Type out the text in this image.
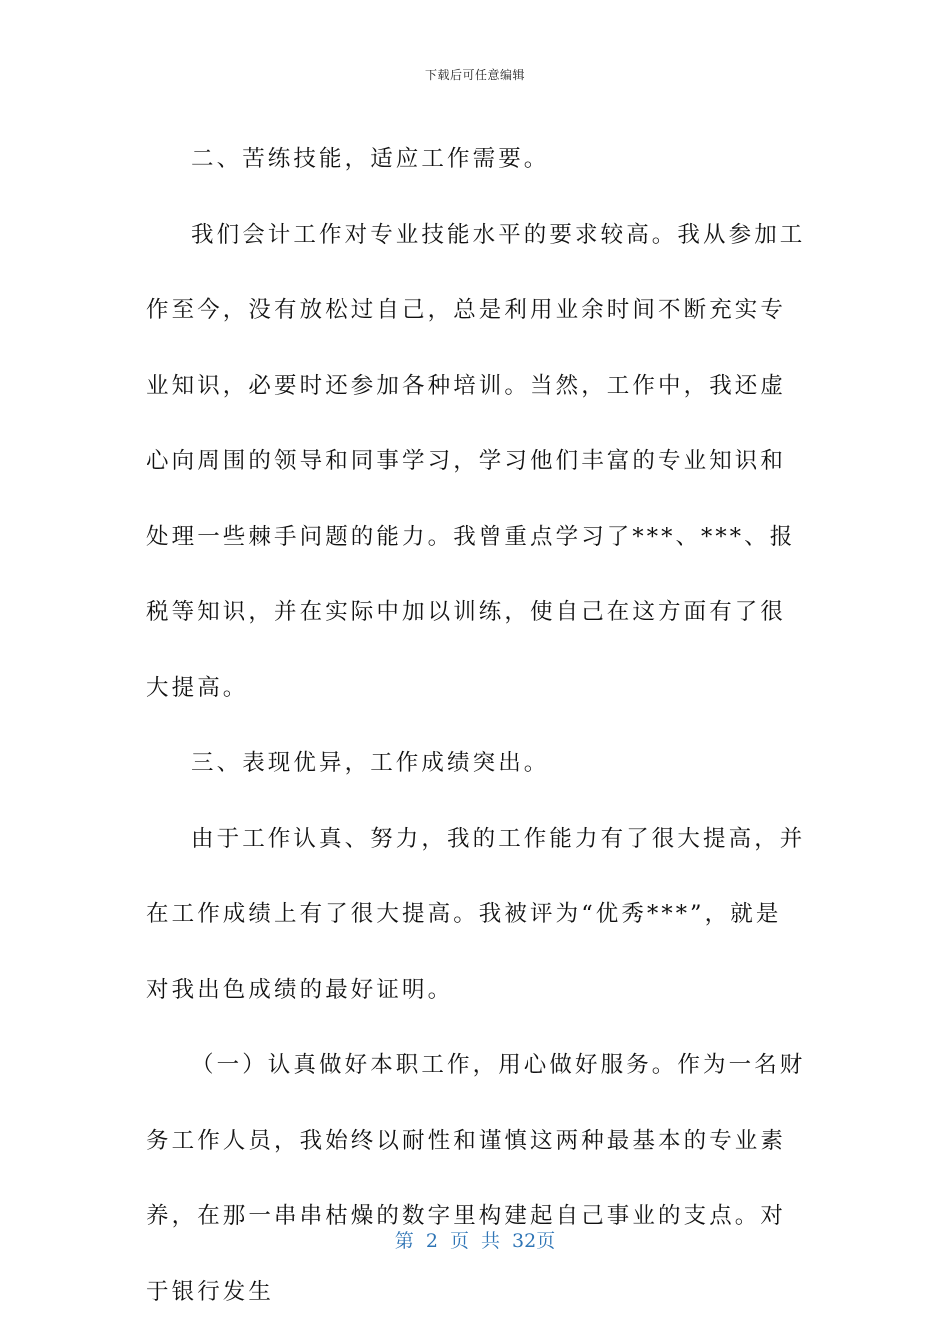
下载后可任意编辑

二、苦练技能，适应工作需要。

我们会计工作对专业技能水平的要求较高。我从参加工作至今，没有放松过自己，总是利用业余时间不断充实专业知识，必要时还参加各种培训。当然，工作中，我还虚心向周围的领导和同事学习，学习他们丰富的专业知识和处理一些棘手问题的能力。我曾重点学习了***、***、报税等知识，并在实际中加以训练，使自己在这方面有了很大提高。

三、表现优异，工作成绩突出。

由于工作认真、努力，我的工作能力有了很大提高，并在工作成绩上有了很大提高。我被评为“优秀***”，就是对我出色成绩的最好证明。

（一）认真做好本职工作，用心做好服务。作为一名财务工作人员，我始终以耐性和谨慎这两种最基本的专业素养，在那一串串枯燥的数字里构建起自己事业的支点。对于银行发生

第 2 页 共 32页
